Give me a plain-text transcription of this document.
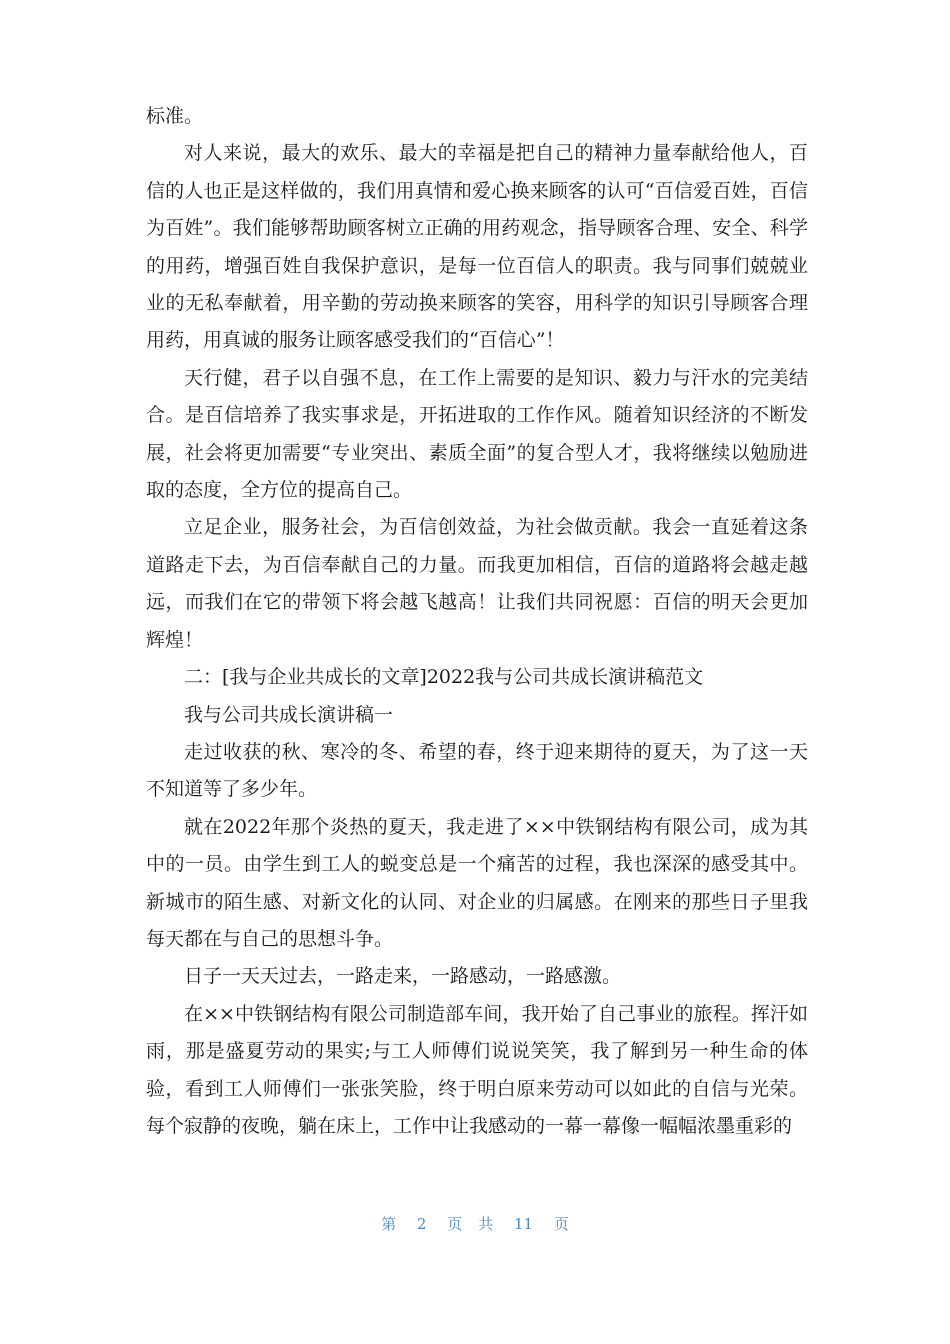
标准。

对人来说，最大的欢乐、最大的幸福是把自己的精神力量奉献给他人，百信的人也正是这样做的，我们用真情和爱心换来顾客的认可“百信爱百姓，百信为百姓”。我们能够帮助顾客树立正确的用药观念，指导顾客合理、安全、科学的用药，增强百姓自我保护意识，是每一位百信人的职责。我与同事们兢兢业业的无私奉献着，用辛勤的劳动换来顾客的笑容，用科学的知识引导顾客合理用药，用真诚的服务让顾客感受我们的“百信心”！

天行健，君子以自强不息，在工作上需要的是知识、毅力与汗水的完美结合。是百信培养了我实事求是，开拓进取的工作作风。随着知识经济的不断发展，社会将更加需要“专业突出、素质全面”的复合型人才，我将继续以勉励进取的态度，全方位的提高自己。

立足企业，服务社会，为百信创效益，为社会做贡献。我会一直延着这条道路走下去，为百信奉献自己的力量。而我更加相信，百信的道路将会越走越远，而我们在它的带领下将会越飞越高！让我们共同祝愿：百信的明天会更加辉煌！

二：[我与企业共成长的文章]2022我与公司共成长演讲稿范文

我与公司共成长演讲稿一

走过收获的秋、寒冷的冬、希望的春，终于迎来期待的夏天，为了这一天不知道等了多少年。

就在2022年那个炎热的夏天，我走进了××中铁钢结构有限公司，成为其中的一员。由学生到工人的蜕变总是一个痛苦的过程，我也深深的感受其中。新城市的陌生感、对新文化的认同、对企业的归属感。在刚来的那些日子里我每天都在与自己的思想斗争。

日子一天天过去，一路走来，一路感动，一路感激。

在××中铁钢结构有限公司制造部车间，我开始了自己事业的旅程。挥汗如雨，那是盛夏劳动的果实;与工人师傅们说说笑笑，我了解到另一种生命的体验，看到工人师傅们一张张笑脸，终于明白原来劳动可以如此的自信与光荣。每个寂静的夜晚，躺在床上，工作中让我感动的一幕一幕像一幅幅浓墨重彩的

第 2 页共 11 页
